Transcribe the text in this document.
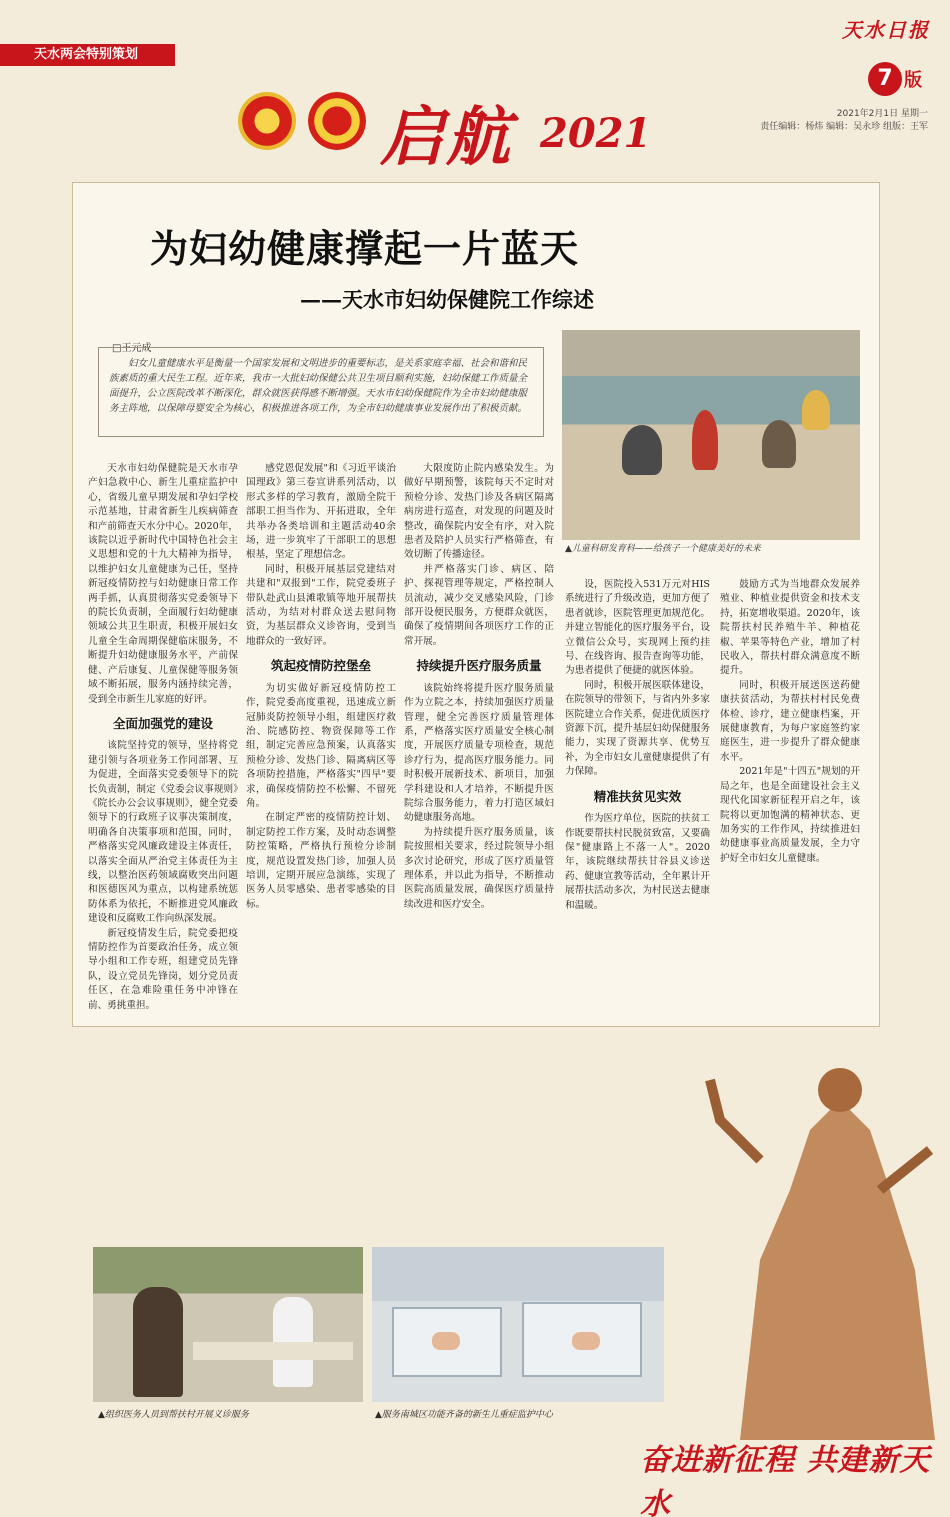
天水两会特别策划
天水日报
7 版
2021年2月1日 星期一
责任编辑：杨炜 编辑：吴永珍 组版：王军
启航 2021
为妇幼健康撑起一片蓝天
——天水市妇幼保健院工作综述
□王元成
妇女儿童健康水平是衡量一个国家发展和文明进步的重要标志，是关系家庭幸福、社会和谐和民族素质的重大民生工程。近年来，我市一大批妇幼保健公共卫生项目顺利实施，妇幼保健工作质量全面提升，公立医院改革不断深化，群众就医获得感不断增强。天水市妇幼保健院作为全市妇幼健康服务主阵地，以保障母婴安全为核心，积极推进各项工作，为全市妇幼健康事业发展作出了积极贡献。
▲儿童科研发育科——给孩子一个健康美好的未来

天水市妇幼保健院是天水市孕产妇急救中心、新生儿重症监护中心，省级儿童早期发展和孕妇学校示范基地，甘肃省新生儿疾病筛查和产前筛查天水分中心。2020年，该院以近乎新时代中国特色社会主义思想和党的十九大精神为指导，以维护妇女儿童健康为己任，坚持新冠疫情防控与妇幼健康日常工作两手抓，认真贯彻落实党委领导下的院长负责制，全面履行妇幼健康领域公共卫生职责，积极开展妇女儿童全生命周期保健临床服务，不断提升妇幼健康服务水平，产前保健、产后康复、儿童保健等服务领域不断拓展，服务内涵持续完善，受到全市新生儿家庭的好评。

全面加强党的建设

该院坚持党的领导，坚持将党建引领与各项业务工作同部署、互为促进，全面落实党委领导下的院长负责制，制定《党委会议事规则》《院长办公会议事规则》，健全党委领导下的行政班子议事决策制度，明确各自决策事项和范围，同时，严格落实党风廉政建设主体责任，以落实全面从严治党主体责任为主线，以整治医药领域腐败突出问题和医德医风为重点，以构建系统惩防体系为依托，不断推进党风廉政建设和反腐败工作向纵深发展。

新冠疫情发生后，院党委把疫情防控作为首要政治任务，成立领导小组和工作专班，组建党员先锋队，设立党员先锋岗，划分党员责任区，在急难险重任务中冲锋在前、勇挑重担。

感党恩促发展"和《习近平谈治国理政》第三卷宣讲系列活动，以形式多样的学习教育，激励全院干部职工担当作为、开拓进取，全年共举办各类培训和主题活动40余场，进一步筑牢了干部职工的思想根基，坚定了理想信念。

同时，积极开展基层党建结对共建和"双报到"工作，院党委班子带队赴武山县滩歌镇等地开展帮扶活动，为结对村群众送去慰问物资，为基层群众义诊咨询，受到当地群众的一致好评。

筑起疫情防控堡垒

为切实做好新冠疫情防控工作，院党委高度重视，迅速成立新冠肺炎防控领导小组，组建医疗救治、院感防控、物资保障等工作组，制定完善应急预案，认真落实预检分诊、发热门诊、隔离病区等各项防控措施，严格落实"四早"要求，确保疫情防控不松懈、不留死角。

在制定严密的疫情防控计划、制定防控工作方案，及时动态调整防控策略，严格执行预检分诊制度，规范设置发热门诊，加强人员培训，定期开展应急演练，实现了医务人员零感染、患者零感染的目标。

大限度防止院内感染发生。为做好早期预警，该院每天不定时对预检分诊、发热门诊及各病区隔离病房进行巡查，对发现的问题及时整改，确保院内安全有序，对入院患者及陪护人员实行严格筛查，有效切断了传播途径。

并严格落实门诊、病区、陪护、探视管理等规定，严格控制人员流动，减少交叉感染风险，门诊部开设便民服务，方便群众就医，确保了疫情期间各项医疗工作的正常开展。

持续提升医疗服务质量

该院始终将提升医疗服务质量作为立院之本，持续加强医疗质量管理，健全完善医疗质量管理体系，严格落实医疗质量安全核心制度，开展医疗质量专项检查，规范诊疗行为，提高医疗服务能力。同时积极开展新技术、新项目，加强学科建设和人才培养，不断提升医院综合服务能力，着力打造区域妇幼健康服务高地。

为持续提升医疗服务质量，该院按照相关要求，经过院领导小组多次讨论研究，形成了医疗质量管理体系，并以此为指导，不断推动医院高质量发展，确保医疗质量持续改进和医疗安全。

设，医院投入531万元对HIS系统进行了升级改造，更加方便了患者就诊，医院管理更加规范化。并建立智能化的医疗服务平台，设立微信公众号，实现网上预约挂号、在线咨询、报告查询等功能，为患者提供了便捷的就医体验。

同时，积极开展医联体建设，在院领导的带领下，与省内外多家医院建立合作关系，促进优质医疗资源下沉，提升基层妇幼保健服务能力，实现了资源共享、优势互补，为全市妇女儿童健康提供了有力保障。

精准扶贫见实效

作为医疗单位，医院的扶贫工作既要帮扶村民脱贫致富，又要确保"健康路上不落一人"。2020年，该院继续帮扶甘谷县义诊送药、健康宣教等活动，全年累计开展帮扶活动多次，为村民送去健康和温暖。

鼓励方式为当地群众发展养殖业、种植业提供资金和技术支持，拓宽增收渠道。2020年，该院帮扶村民养殖牛羊、种植花椒、苹果等特色产业，增加了村民收入，帮扶村群众满意度不断提升。

同时，积极开展送医送药健康扶贫活动，为帮扶村村民免费体检、诊疗，建立健康档案，开展健康教育，为每户家庭签约家庭医生，进一步提升了群众健康水平。

2021年是"十四五"规划的开局之年，也是全面建设社会主义现代化国家新征程开启之年，该院将以更加饱满的精神状态、更加务实的工作作风，持续推进妇幼健康事业高质量发展，全力守护好全市妇女儿童健康。

▲组织医务人员到帮扶村开展义诊服务	▲服务南城区功能齐备的新生儿重症监护中心
奋进新征程 共建新天水
